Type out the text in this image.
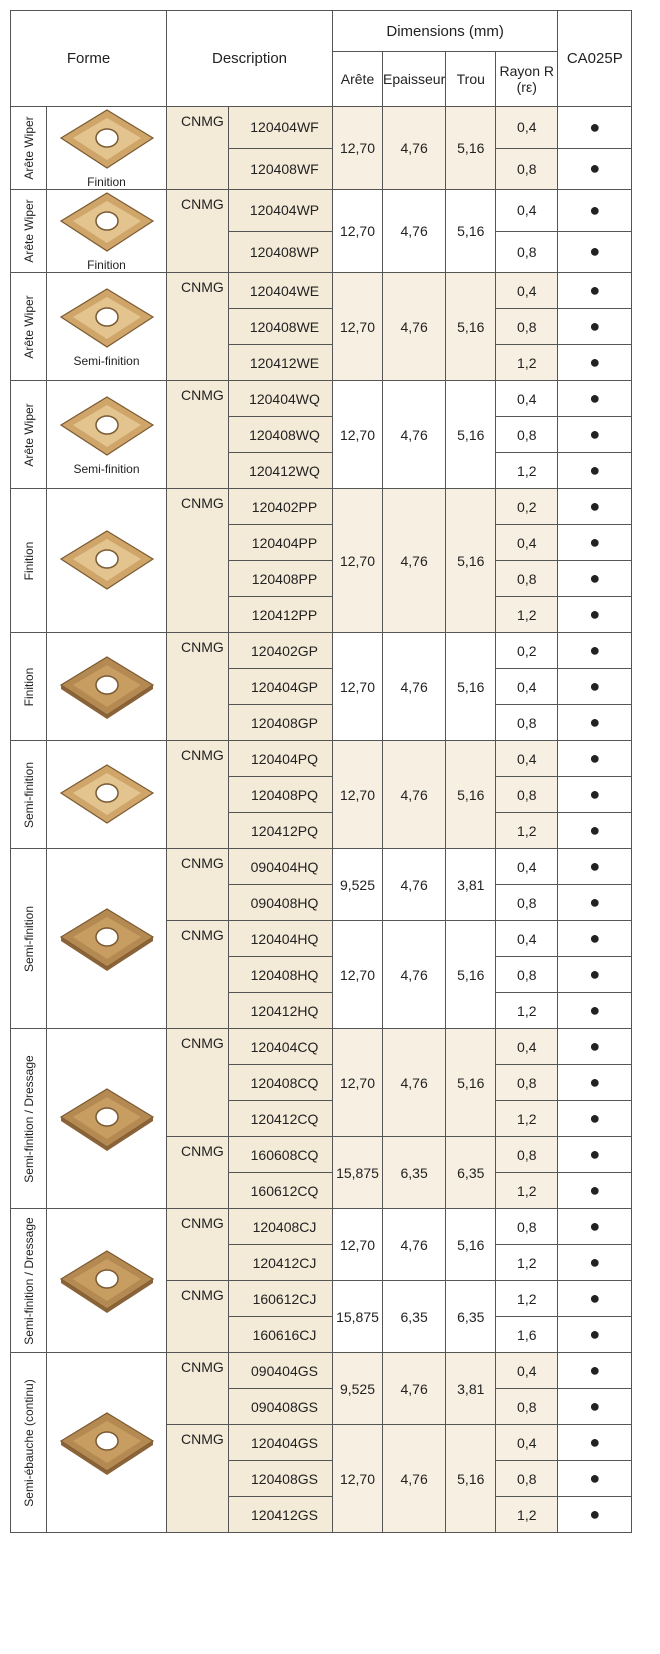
Forme		Description		Dimensions (mm)				CA025P
				Arête	Epaisseur	Trou	Rayon R
(rε)	

Arête Wiper	Finition	CNMG	120404WF	12,70	4,76	5,16	0,4	●
			120408WF				0,8	●

Arête Wiper	Finition	CNMG	120404WP	12,70	4,76	5,16	0,4	●
			120408WP				0,8	●

Arête Wiper	Semi-finition	CNMG	120404WE	12,70	4,76	5,16	0,4	●
			120408WE				0,8	●
			120412WE				1,2	●

Arête Wiper	Semi-finition	CNMG	120404WQ	12,70	4,76	5,16	0,4	●
			120408WQ				0,8	●
			120412WQ				1,2	●

Finition		CNMG	120402PP	12,70	4,76	5,16	0,2	●
			120404PP				0,4	●
			120408PP				0,8	●
			120412PP				1,2	●

Finition		CNMG	120402GP	12,70	4,76	5,16	0,2	●
			120404GP				0,4	●
			120408GP				0,8	●

Semi-finition		CNMG	120404PQ	12,70	4,76	5,16	0,4	●
			120408PQ				0,8	●
			120412PQ				1,2	●

Semi-finition		CNMG	090404HQ	9,525	4,76	3,81	0,4	●
			090408HQ				0,8	●

		CNMG	120404HQ	12,70	4,76	5,16	0,4	●
			120408HQ				0,8	●
			120412HQ				1,2	●

Semi-finition / Dressage		CNMG	120404CQ	12,70	4,76	5,16	0,4	●
			120408CQ				0,8	●
			120412CQ				1,2	●

		CNMG	160608CQ	15,875	6,35	6,35	0,8	●
			160612CQ				1,2	●

Semi-finition / Dressage		CNMG	120408CJ	12,70	4,76	5,16	0,8	●
			120412CJ				1,2	●

		CNMG	160612CJ	15,875	6,35	6,35	1,2	●
			160616CJ				1,6	●

Semi-ébauche (continu)		CNMG	090404GS	9,525	4,76	3,81	0,4	●
			090408GS				0,8	●

		CNMG	120404GS	12,70	4,76	5,16	0,4	●
			120408GS				0,8	●
			120412GS				1,2	●
